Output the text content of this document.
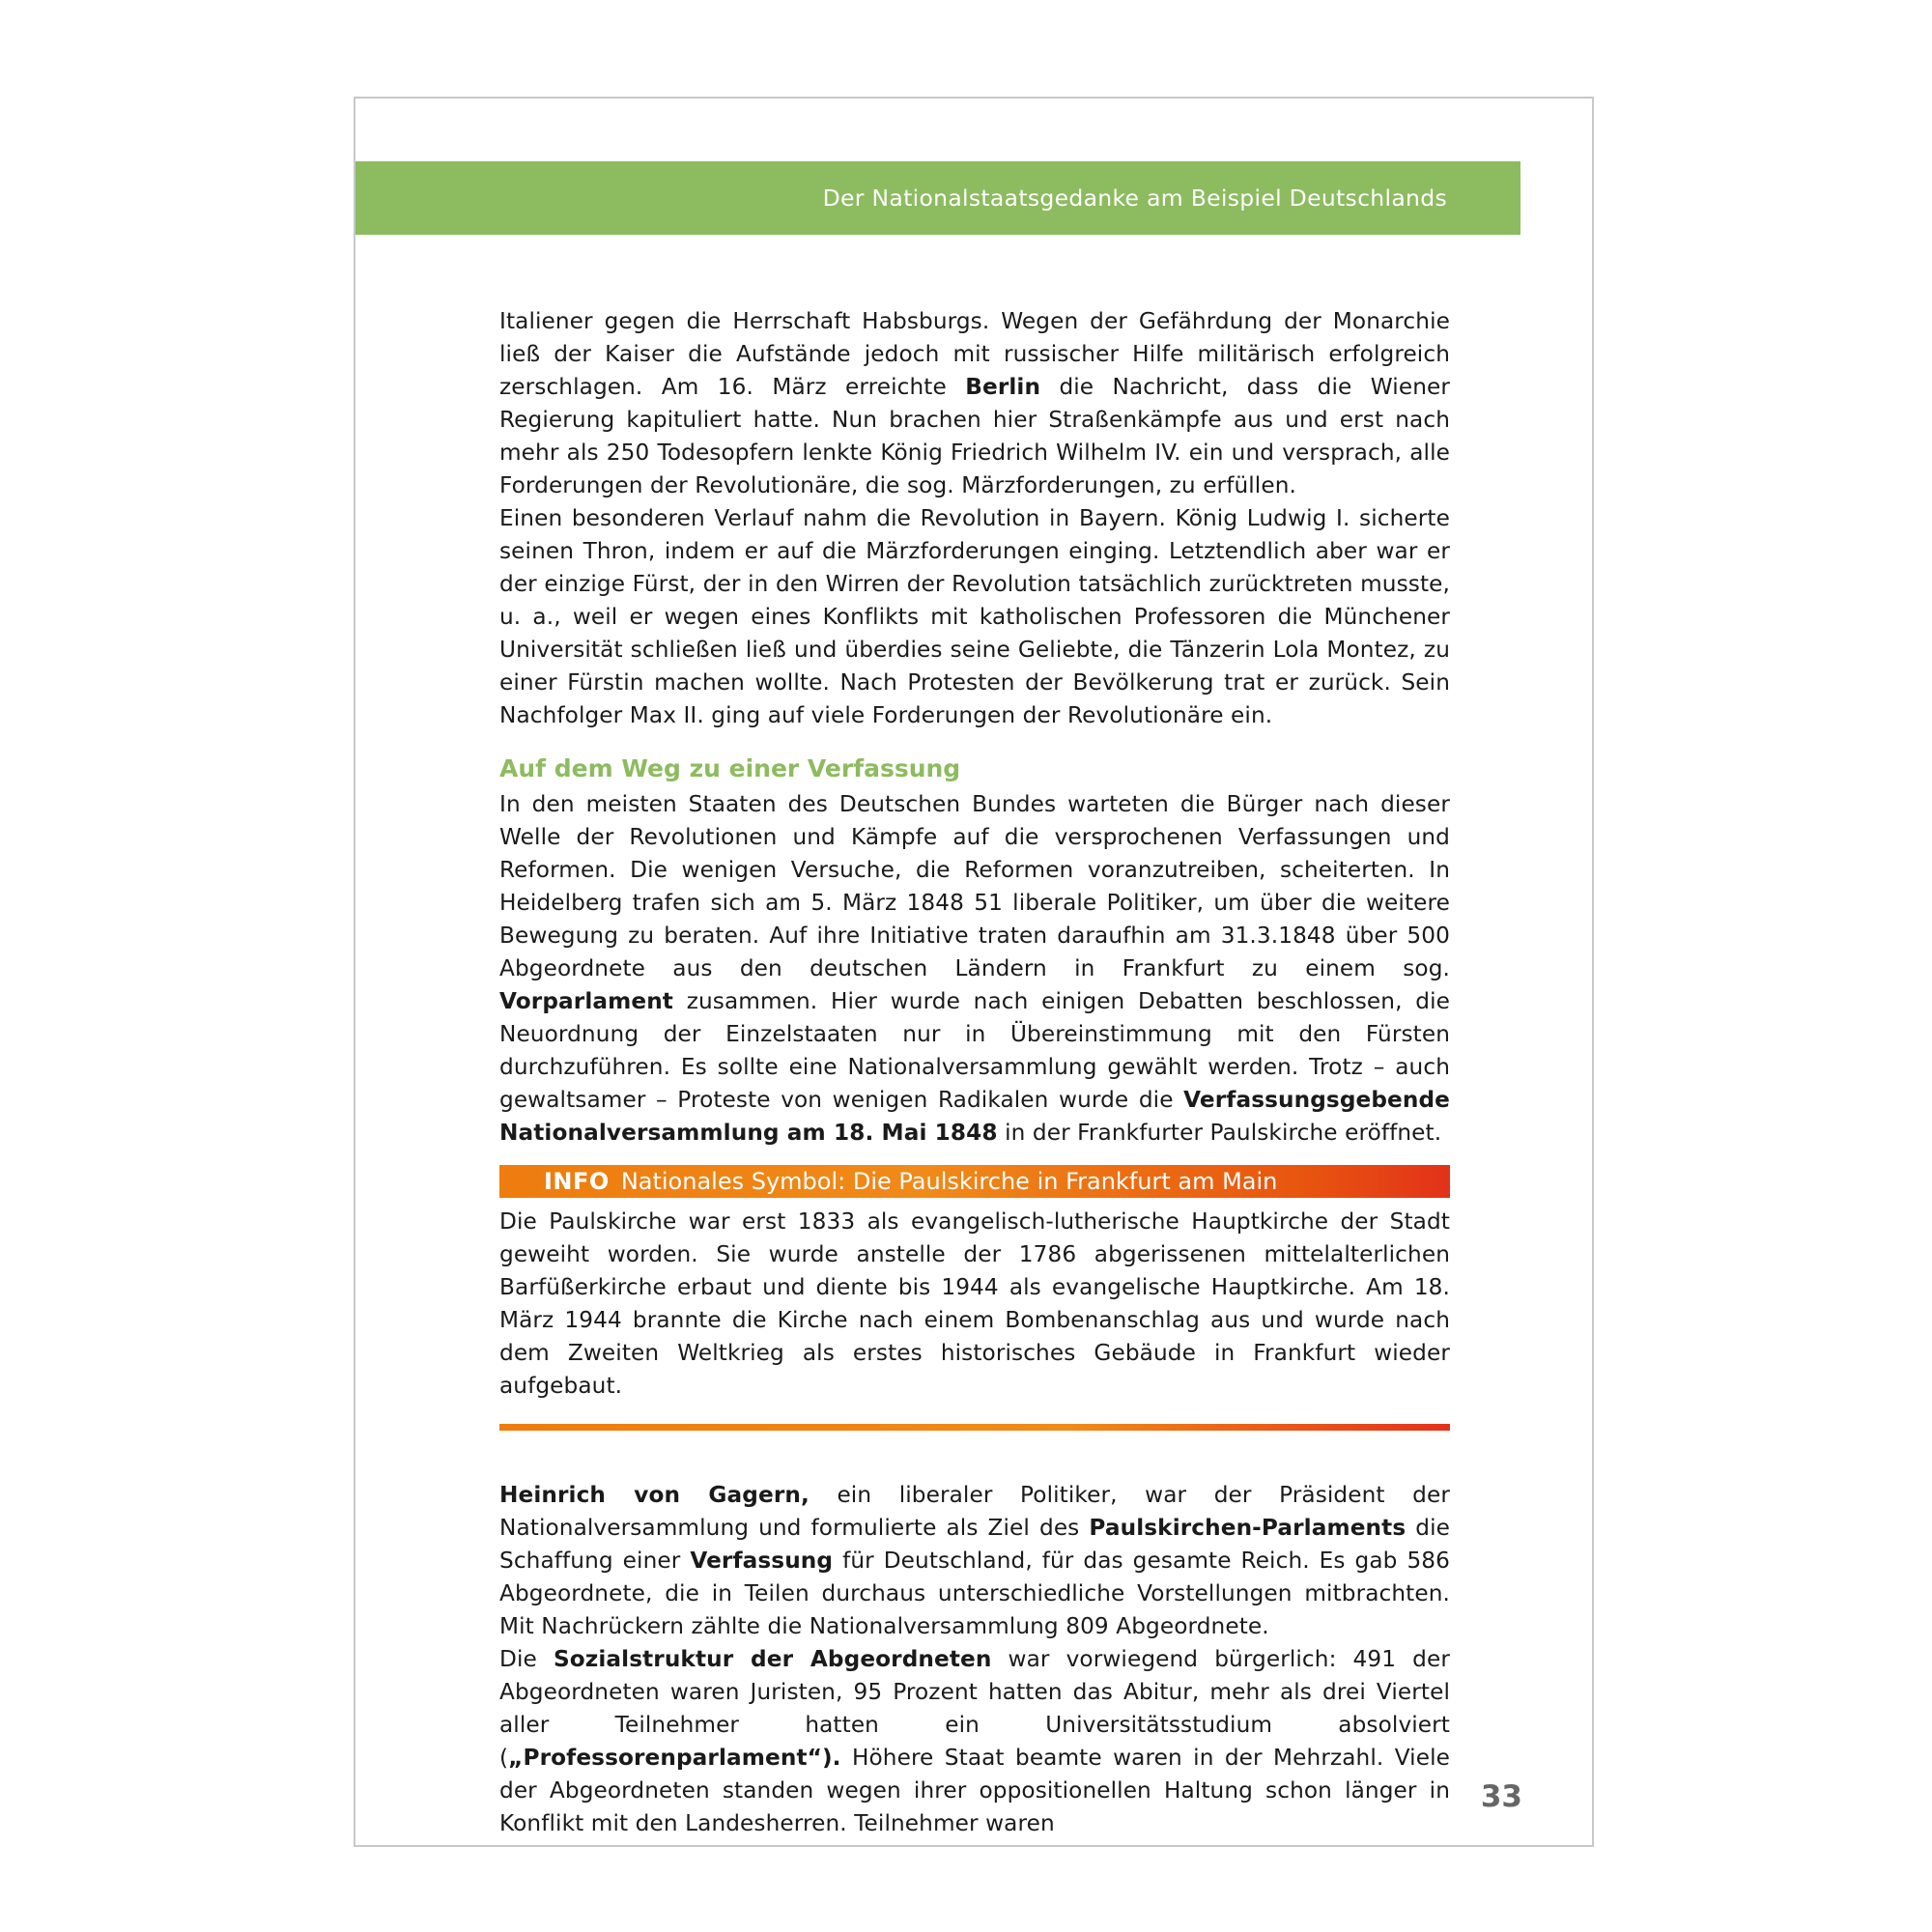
Der Nationalstaatsgedanke am Beispiel Deutschlands

Italiener gegen die Herrschaft Habsburgs. Wegen der Gefährdung der Monarchie ließ der Kaiser die Aufstände jedoch mit russischer Hilfe militärisch erfolgreich zerschlagen. Am 16. März erreichte Berlin die Nachricht, dass die Wiener Regierung kapituliert hatte. Nun brachen hier Straßenkämpfe aus und erst nach mehr als 250 Todesopfern lenkte König Friedrich Wilhelm IV. ein und versprach, alle Forderungen der Revolutionäre, die sog. Märzforderungen, zu erfüllen.

Einen besonderen Verlauf nahm die Revolution in Bayern. König Ludwig I. sicherte seinen Thron, indem er auf die Märzforderungen einging. Letztendlich aber war er der einzige Fürst, der in den Wirren der Revolution tatsächlich zurücktreten musste, u. a., weil er wegen eines Konflikts mit katholischen Professoren die Münchener Universität schließen ließ und überdies seine Geliebte, die Tänzerin Lola Montez, zu einer Fürstin machen wollte. Nach Protesten der Bevölkerung trat er zurück. Sein Nachfolger Max II. ging auf viele Forderungen der Revolutionäre ein.

Auf dem Weg zu einer Verfassung

In den meisten Staaten des Deutschen Bundes warteten die Bürger nach dieser Welle der Revolutionen und Kämpfe auf die versprochenen Verfassungen und Reformen. Die wenigen Versuche, die Reformen voranzutreiben, scheiterten. In Heidelberg trafen sich am 5. März 1848 51 liberale Politiker, um über die weitere Bewegung zu beraten. Auf ihre Initiative traten daraufhin am 31.3.1848 über 500 Abgeordnete aus den deutschen Ländern in Frankfurt zu einem sog. Vorparlament zusammen. Hier wurde nach einigen Debatten beschlossen, die Neuordnung der Einzelstaaten nur in Übereinstimmung mit den Fürsten durchzuführen. Es sollte eine Nationalversammlung gewählt werden. Trotz – auch gewaltsamer – Proteste von wenigen Radikalen wurde die Verfassungsgebende Nationalversammlung am 18. Mai 1848 in der Frankfurter Paulskirche eröffnet.

INFO Nationales Symbol: Die Paulskirche in Frankfurt am Main

Die Paulskirche war erst 1833 als evangelisch-lutherische Hauptkirche der Stadt geweiht worden. Sie wurde anstelle der 1786 abgerissenen mittelalterlichen Barfüßerkirche erbaut und diente bis 1944 als evangelische Hauptkirche. Am 18. März 1944 brannte die Kirche nach einem Bombenanschlag aus und wurde nach dem Zweiten Weltkrieg als erstes historisches Gebäude in Frankfurt wieder aufgebaut.

Heinrich von Gagern, ein liberaler Politiker, war der Präsident der Nationalversammlung und formulierte als Ziel des Paulskirchen-Parlaments die Schaffung einer Verfassung für Deutschland, für das gesamte Reich. Es gab 586 Abgeordnete, die in Teilen durchaus unterschiedliche Vorstellungen mitbrachten. Mit Nachrückern zählte die Nationalversammlung 809 Abgeordnete.

Die Sozialstruktur der Abgeordneten war vorwiegend bürgerlich: 491 der Abgeordneten waren Juristen, 95 Prozent hatten das Abitur, mehr als drei Viertel aller Teilnehmer hatten ein Universitätsstudium absolviert („Professorenparlament“). Höhere Staat beamte waren in der Mehrzahl. Viele der Abgeordneten standen wegen ihrer oppositionellen Haltung schon länger in Konflikt mit den Landesherren. Teilnehmer waren

33
